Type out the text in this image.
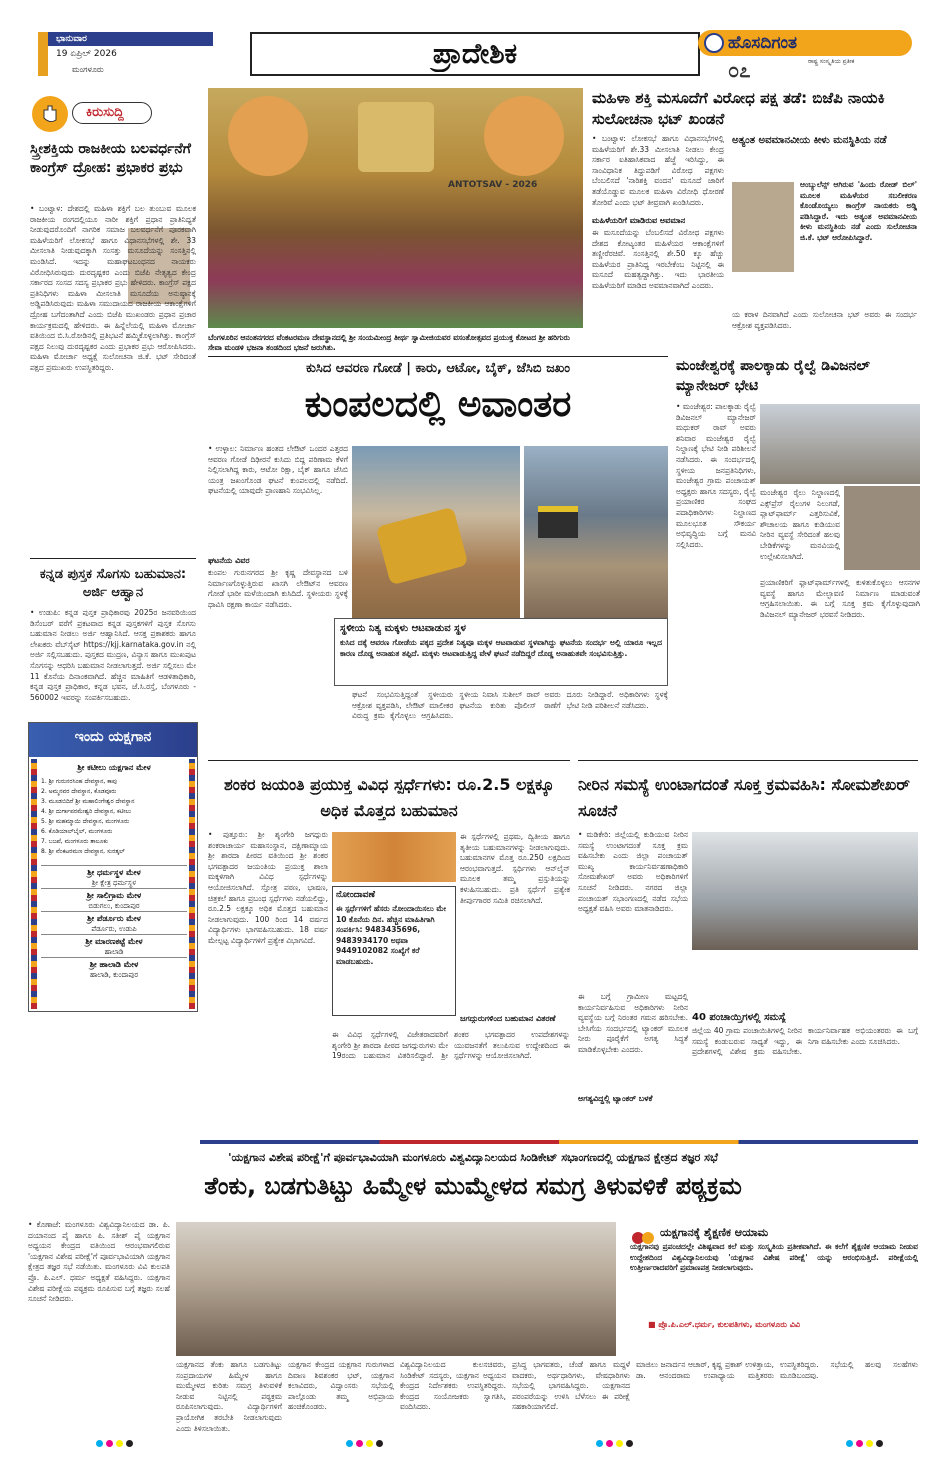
ಭಾನುವಾರ
19 ಏಪ್ರಿಲ್ 2026
ಮಂಗಳೂರು	ಪ್ರಾದೇಶಿಕ	ಹೊಸದಿಗಂತ
ರಾಷ್ಟ್ರ ಸಂಸ್ಕೃತಿಯ ಪ್ರತೀಕ
೦೭
ಕಿರುಸುದ್ದಿ
ಸ್ತ್ರೀಶಕ್ತಿಯ ರಾಜಕೀಯ ಬಲವರ್ಧನೆಗೆ ಕಾಂಗ್ರೆಸ್ ದ್ರೋಹ: ಪ್ರಭಾಕರ ಪ್ರಭು
• ಬಂಟ್ವಾಳ: ದೇಶದಲ್ಲಿ ಮಹಿಳಾ ಶಕ್ತಿಗೆ ಬಲ ತುಂಬುವ ಮೂಲಕ ರಾಜಕೀಯ ರಂಗದಲ್ಲಿಯೂ ನಾರೀ ಶಕ್ತಿಗೆ ಪ್ರಧಾನ ಪ್ರಾತಿನಿಧ್ಯತೆ ನೀಡುವುದರೊಂದಿಗೆ ನಾಗರಿಕ ಸಮಾಜ ಬಲವರ್ಧನೆಗೆ ಪೂರಕವಾಗಿ ಮಹಿಳೆಯರಿಗೆ ಲೋಕಸಭೆ ಹಾಗೂ ವಿಧಾನಸಭೆಗಳಲ್ಲಿ ಶೇ. 33 ಮೀಸಲಾತಿ ನೀಡುವುದಕ್ಕಾಗಿ ಸಂಸತ್ತು ಮಸೂದೆಯನ್ನು ಸಂಸತ್ತಿನಲ್ಲಿ ಮಂಡಿಸಿದೆ. ಇದನ್ನು ಮಹಾಘಟಬಂಧನದ ನಾಯಕರು ವಿರೋಧಿಸಿರುವುದು ದುರದೃಷ್ಟಕರ ಎಂದು ಬಿಜೆಪಿ ನೇತೃತ್ವದ ಕೇಂದ್ರ ಸರ್ಕಾರದ ಸಂಸದ ಸದಸ್ಯ ಪ್ರಭಾಕರ ಪ್ರಭು ಹೇಳಿದರು. ಕಾಂಗ್ರೆಸ್ ಪಕ್ಷದ ಪ್ರತಿನಿಧಿಗಳು ಮಹಿಳಾ ಮೀಸಲಾತಿ ಮಸೂದೆಯ ಅನುಷ್ಠಾನಕ್ಕೆ ಅಡ್ಡಿಪಡಿಸಿರುವುದು ಮಹಿಳಾ ಸಮುದಾಯದ ರಾಜಕೀಯ ಆಕಾಂಕ್ಷೆಗಳಿಗೆ ದ್ರೋಹ ಬಗೆದಂತಾಗಿದೆ ಎಂದು ಬಿಜೆಪಿ ಮುಖಂಡರು ಪ್ರಧಾನ ಪ್ರಚಾರ ಕಾರ್ಯಕ್ರಮದಲ್ಲಿ ಹೇಳಿದರು. ಈ ಹಿನ್ನೆಲೆಯಲ್ಲಿ ಮಹಿಳಾ ಮೋರ್ಚಾ ವತಿಯಿಂದ ಬಿ.ಸಿ.ರೋಡಿನಲ್ಲಿ ಪ್ರತಿಭಟನೆ ಹಮ್ಮಿಕೊಳ್ಳಲಾಗಿತ್ತು. ಕಾಂಗ್ರೆಸ್ ಪಕ್ಷದ ನಿಲುವು ದುರದೃಷ್ಟಕರ ಎಂದು ಪ್ರಭಾಕರ ಪ್ರಭು ಆರೋಪಿಸಿದರು. ಮಹಿಳಾ ಮೋರ್ಚಾ ಅಧ್ಯಕ್ಷೆ ಸುಲೋಚನಾ ಜಿ.ಕೆ. ಭಟ್ ಸೇರಿದಂತೆ ಪಕ್ಷದ ಪ್ರಮುಖರು ಉಪಸ್ಥಿತರಿದ್ದರು.
ಕನ್ನಡ ಪುಸ್ತಕ ಸೊಗಸು ಬಹುಮಾನ: ಅರ್ಜಿ ಆಹ್ವಾನ
• ಉಡುಪಿ: ಕನ್ನಡ ಪುಸ್ತಕ ಪ್ರಾಧಿಕಾರವು 2025ರ ಜನವರಿಯಿಂದ ಡಿಸೆಂಬರ್ ವರೆಗೆ ಪ್ರಕಟವಾದ ಕನ್ನಡ ಪುಸ್ತಕಗಳಿಗೆ ಪುಸ್ತಕ ಸೊಗಸು ಬಹುಮಾನ ನೀಡಲು ಅರ್ಜಿ ಆಹ್ವಾನಿಸಿದೆ. ಆಸಕ್ತ ಪ್ರಕಾಶಕರು ಹಾಗೂ ಲೇಖಕರು ವೆಬ್‌ಸೈಟ್ https://kjj.karnataka.gov.in ನಲ್ಲಿ ಅರ್ಜಿ ಸಲ್ಲಿಸಬಹುದು. ಪುಸ್ತಕದ ಮುದ್ರಣ, ವಿನ್ಯಾಸ ಹಾಗೂ ಮುಖಪುಟ ಸೊಗಸನ್ನು ಆಧರಿಸಿ ಬಹುಮಾನ ನೀಡಲಾಗುತ್ತದೆ. ಅರ್ಜಿ ಸಲ್ಲಿಸಲು ಮೇ 11 ಕೊನೆಯ ದಿನಾಂಕವಾಗಿದೆ. ಹೆಚ್ಚಿನ ಮಾಹಿತಿಗೆ ಆಡಳಿತಾಧಿಕಾರಿ, ಕನ್ನಡ ಪುಸ್ತಕ ಪ್ರಾಧಿಕಾರ, ಕನ್ನಡ ಭವನ, ಜೆ.ಸಿ.ರಸ್ತೆ, ಬೆಂಗಳೂರು - 560002 ಇವರನ್ನು ಸಂಪರ್ಕಿಸಬಹುದು.
ಇಂದು ಯಕ್ಷಗಾನ
ಶ್ರೀ ಕಟೀಲು ಯಕ್ಷಗಾನ ಮೇಳ
1. ಶ್ರೀ ಗುರುನರಸಿಂಹ ದೇವಸ್ಥಾನ, ಕಾಪು
2. ಅಮ್ಮನವರ ದೇವಸ್ಥಾನ, ಕೊಡವೂರು
3. ಮೂಡಬಿದಿರೆ ಶ್ರೀ ಮಹಾಲಿಂಗೇಶ್ವರ ದೇವಸ್ಥಾನ
4. ಶ್ರೀ ದುರ್ಗಾಪರಮೇಶ್ವರಿ ದೇವಸ್ಥಾನ, ಕಟೀಲು
5. ಶ್ರೀ ಮಹಮ್ಮಾಯಿ ದೇವಸ್ಥಾನ, ಮಂಗಳೂರು
6. ಕೊಡಿಯಾಲ್‌ಬೈಲ್, ಮಂಗಳೂರು
7. ಬಜಪೆ, ಮಂಗಳೂರು ತಾಲೂಕು
8. ಶ್ರೀ ವೆಂಕಟರಮಣ ದೇವಸ್ಥಾನ, ಸುರತ್ಕಲ್
ಶ್ರೀ ಧರ್ಮಸ್ಥಳ ಮೇಳ
ಶ್ರೀ ಕ್ಷೇತ್ರ ಧರ್ಮಸ್ಥಳ
ಶ್ರೀ ಸಾಲಿಗ್ರಾಮ ಮೇಳ
ಬಿಡುಗಲು, ಕುಂದಾಪುರ
ಶ್ರೀ ಪೆರ್ಡೂರು ಮೇಳ
ಪೆರ್ಡೂರು, ಉಡುಪಿ
ಶ್ರೀ ಮಾರಣಕಟ್ಟೆ ಮೇಳ
ಹಾಲಾಡಿ
ಶ್ರೀ ಹಾಲಾಡಿ ಮೇಳ
ಹಾಲಾಡಿ, ಕುಂದಾಪುರ
ANTOTSAV - 2026
ಬೆಂಗಳೂರಿನ ಆನಂತನಗರದ ವೆಂಕಟರಮಣ ದೇವಸ್ಥಾನದಲ್ಲಿ ಶ್ರೀ ಸಂಯಮೀಂದ್ರ ತೀರ್ಥ ಸ್ವಾಮೀಜಿಯವರ ವಸಂತೋತ್ಸವದ ಪ್ರಯುಕ್ತ ಕೋಟದ ಶ್ರೀ ಹರಿಗುರು ಸೇವಾ ಮಂಡಳಿ ಭಜನಾ ತಂಡದಿಂದ ಭಜನೆ ಜರುಗಿತು.
ಮಹಿಳಾ ಶಕ್ತಿ ಮಸೂದೆಗೆ ವಿರೋಧ ಪಕ್ಷ ತಡೆ: ಬಿಜೆಪಿ ನಾಯಕಿ ಸುಲೋಚನಾ ಭಟ್ ಖಂಡನೆ
• ಬಂಟ್ವಾಳ: ಲೋಕಸಭೆ ಹಾಗೂ ವಿಧಾನಸಭೆಗಳಲ್ಲಿ ಮಹಿಳೆಯರಿಗೆ ಶೇ.33 ಮೀಸಲಾತಿ ನೀಡಲು ಕೇಂದ್ರ ಸರ್ಕಾರ ಐತಿಹಾಸಿಕವಾದ ಹೆಜ್ಜೆ ಇರಿಸಿದ್ದು, ಈ ಸಾಂವಿಧಾನಿಕ ತಿದ್ದುಪಡಿಗೆ ವಿರೋಧ ಪಕ್ಷಗಳು ಬೆಂಬಲಿಸದೆ 'ನಾರಿಶಕ್ತಿ ವಂದನ' ಮಸೂದೆ ಜಾರಿಗೆ ತಡೆಯೊಡ್ಡುವ ಮೂಲಕ ಮಹಿಳಾ ವಿರೋಧಿ ಧೋರಣೆ ತೋರಿವೆ ಎಂದು ಭಟ್ ತೀವ್ರವಾಗಿ ಖಂಡಿಸಿದರು.
ಮಹಿಳೆಯರಿಗೆ ಮಾಡಿರುವ ಅವಮಾನ
ಈ ಮಸೂದೆಯನ್ನು ಬೆಂಬಲಿಸದೆ ವಿರೋಧ ಪಕ್ಷಗಳು ದೇಶದ ಕೋಟ್ಯಂತರ ಮಹಿಳೆಯರ ಆಕಾಂಕ್ಷೆಗಳಿಗೆ ತಣ್ಣೀರೆರಚಿವೆ. ಸಂಸತ್ತಿನಲ್ಲಿ ಶೇ.50 ಕ್ಕೂ ಹೆಚ್ಚು ಮಹಿಳೆಯರ ಪ್ರಾತಿನಿಧ್ಯ ಇರಬೇಕೆಂಬ ನಿಟ್ಟಿನಲ್ಲಿ ಈ ಮಸೂದೆ ಮಹತ್ವದ್ದಾಗಿತ್ತು. ಇದು ಭಾರತೀಯ ಮಹಿಳೆಯರಿಗೆ ಮಾಡಿದ ಅವಮಾನವಾಗಿದೆ ಎಂದರು.
ಅತ್ಯಂತ ಅವಮಾನವೀಯ ಕೀಳು ಮನಸ್ಥಿತಿಯ ನಡೆ
ಆಂಬ್ಯುಲೆನ್ಸ್ ಆಗಿರುವ 'ಹಿಂದು ರೋಡ್ ಬಿಲ್' ಮೂಲಕ ಮಹಿಳೆಯರ ಸಬಲೀಕರಣ ಕೊಂಡೊಯ್ಯಲು ಕಾಂಗ್ರೆಸ್ ನಾಯಕರು ಅಡ್ಡಿ ಪಡಿಸಿದ್ದಾರೆ. ಇದು ಅತ್ಯಂತ ಅವಮಾನವೀಯ ಕೀಳು ಮನಸ್ಥಿತಿಯ ನಡೆ ಎಂದು ಸುಲೋಚನಾ ಜಿ.ಕೆ. ಭಟ್ ಆರೋಪಿಸಿದ್ದಾರೆ.
ಯ ಕರಾಳ ದಿನವಾಗಿದೆ ಎಂದು ಸುಲೋಚನಾ ಭಟ್ ಅವರು ಈ ಸಂದರ್ಭ ಆಕ್ರೋಶ ವ್ಯಕ್ತಪಡಿಸಿದರು.
ಕುಸಿದ ಆವರಣ ಗೋಡೆ | ಕಾರು, ಆಟೋ, ಬೈಕ್, ಜೆಸಿಬಿ ಜಖಂ
ಕುಂಪಲದಲ್ಲಿ ಅವಾಂತರ
• ಉಳ್ಳಾಲ: ನಿರ್ಮಾಣ ಹಂತದ ಲೇಔಟ್ ಒಂದರ ಎತ್ತರದ ಆವರಣ ಗೋಡೆ ದಿಢೀರನೆ ಕುಸಿದು ಬಿದ್ದ ಪರಿಣಾಮ ಕೆಳಗೆ ನಿಲ್ಲಿಸಲಾಗಿದ್ದ ಕಾರು, ಆಟೋ ರಿಕ್ಷಾ, ಬೈಕ್ ಹಾಗೂ ಜೆಸಿಬಿ ಯಂತ್ರ ಜಖಂಗೊಂಡ ಘಟನೆ ಕುಂಪಲದಲ್ಲಿ ನಡೆದಿದೆ. ಘಟನೆಯಲ್ಲಿ ಯಾವುದೇ ಪ್ರಾಣಹಾನಿ ಸಂಭವಿಸಿಲ್ಲ.
ಘಟನೆಯ ವಿವರ
ಕುಂಪಲ ಗುರುನಗರದ ಶ್ರೀ ಕೃಷ್ಣ ದೇವಸ್ಥಾನದ ಬಳಿ ನಿರ್ಮಾಣಗೊಳ್ಳುತ್ತಿರುವ ಖಾಸಗಿ ಲೇಔಟ್‌ನ ಆವರಣ ಗೋಡೆ ಭಾರೀ ಮಳೆಯಿಂದಾಗಿ ಕುಸಿದಿದೆ. ಸ್ಥಳೀಯರು ಸ್ಥಳಕ್ಕೆ ಧಾವಿಸಿ ರಕ್ಷಣಾ ಕಾರ್ಯ ನಡೆಸಿದರು.
ಸ್ಥಳೀಯ ನಿತ್ಯ ಮಕ್ಕಳು ಆಟವಾಡುವ ಸ್ಥಳ
ಕುಸಿದ ದಕ್ಕೆ ಆವರಣ ಗೋಡೆಯ ಪಕ್ಕದ ಪ್ರದೇಶ ನಿತ್ಯವೂ ಮಕ್ಕಳ ಆಟವಾಡುವ ಸ್ಥಳವಾಗಿದ್ದು ಘಟನೆಯ ಸಂದರ್ಭ ಅಲ್ಲಿ ಯಾರೂ ಇಲ್ಲದ ಕಾರಣ ದೊಡ್ಡ ಅನಾಹುತ ತಪ್ಪಿದೆ. ಮಕ್ಕಳು ಆಟವಾಡುತ್ತಿದ್ದ ವೇಳೆ ಘಟನೆ ನಡೆದಿದ್ದರೆ ದೊಡ್ಡ ಅನಾಹುತವೇ ಸಂಭವಿಸುತ್ತಿತ್ತು.
ಘಟನೆ ಸಂಭವಿಸುತ್ತಿದ್ದಂತೆ ಸ್ಥಳೀಯರು ಆಕ್ರೋಶ ವ್ಯಕ್ತಪಡಿಸಿ, ಲೇಔಟ್ ಮಾಲೀಕರ ವಿರುದ್ಧ ಕ್ರಮ ಕೈಗೊಳ್ಳಲು ಆಗ್ರಹಿಸಿದರು. ಸ್ಥಳೀಯ ನಿವಾಸಿ ಸುಶೀಲ್ ರಾವ್ ಅವರು ಘಟನೆಯ ಕುರಿತು ಪೊಲೀಸ್ ಠಾಣೆಗೆ ದೂರು ನೀಡಿದ್ದಾರೆ. ಅಧಿಕಾರಿಗಳು ಸ್ಥಳಕ್ಕೆ ಭೇಟಿ ನೀಡಿ ಪರಿಶೀಲನೆ ನಡೆಸಿದರು.
ಮಂಜೇಶ್ವರಕ್ಕೆ ಪಾಲಕ್ಕಾಡು ರೈಲ್ವೆ ಡಿವಿಜನಲ್ ಮ್ಯಾನೇಜರ್ ಭೇಟಿ
• ಮಂಜೇಶ್ವರ: ಪಾಲಕ್ಕಾಡು ರೈಲ್ವೆ ಡಿವಿಜನಲ್ ಮ್ಯಾನೇಜರ್ ಮಧುಕರ್ ರಾವ್ ಅವರು ಶನಿವಾರ ಮಂಜೇಶ್ವರ ರೈಲ್ವೆ ನಿಲ್ದಾಣಕ್ಕೆ ಭೇಟಿ ನೀಡಿ ಪರಿಶೀಲನೆ ನಡೆಸಿದರು. ಈ ಸಂದರ್ಭದಲ್ಲಿ ಸ್ಥಳೀಯ ಜನಪ್ರತಿನಿಧಿಗಳು, ಮಂಜೇಶ್ವರ ಗ್ರಾಮ ಪಂಚಾಯತ್ ಅಧ್ಯಕ್ಷರು ಹಾಗೂ ಸದಸ್ಯರು, ರೈಲ್ವೆ ಪ್ರಯಾಣಿಕರ ಸಂಘದ ಪದಾಧಿಕಾರಿಗಳು ನಿಲ್ದಾಣದ ಮೂಲಭೂತ ಸೌಕರ್ಯ ಅಭಿವೃದ್ಧಿಯ ಬಗ್ಗೆ ಮನವಿ ಸಲ್ಲಿಸಿದರು.
ಮಂಜೇಶ್ವರ ರೈಲು ನಿಲ್ದಾಣದಲ್ಲಿ ಎಕ್ಸ್‌ಪ್ರೆಸ್ ರೈಲುಗಳ ನಿಲುಗಡೆ, ಪ್ಲಾಟ್‌ಫಾರ್ಮ್ ಎತ್ತರಿಸುವಿಕೆ, ಶೌಚಾಲಯ ಹಾಗೂ ಕುಡಿಯುವ ನೀರಿನ ವ್ಯವಸ್ಥೆ ಸೇರಿದಂತೆ ಹಲವು ಬೇಡಿಕೆಗಳನ್ನು ಮನವಿಯಲ್ಲಿ ಉಲ್ಲೇಖಿಸಲಾಗಿದೆ.
ಪ್ರಯಾಣಿಕರಿಗೆ ಫ್ಲಾಟ್‌ಫಾರ್ಮ್‌ಗಳಲ್ಲಿ ಕುಳಿತುಕೊಳ್ಳಲು ಆಸನಗಳ ವ್ಯವಸ್ಥೆ ಹಾಗೂ ಮೇಲ್ಛಾವಣಿ ನಿರ್ಮಾಣ ಮಾಡುವಂತೆ ಆಗ್ರಹಿಸಲಾಯಿತು. ಈ ಬಗ್ಗೆ ಸೂಕ್ತ ಕ್ರಮ ಕೈಗೊಳ್ಳುವುದಾಗಿ ಡಿವಿಜನಲ್ ಮ್ಯಾನೇಜರ್ ಭರವಸೆ ನೀಡಿದರು.
ಶಂಕರ ಜಯಂತಿ ಪ್ರಯುಕ್ತ ವಿವಿಧ ಸ್ಪರ್ಧೆಗಳು: ರೂ.2.5 ಲಕ್ಷಕ್ಕೂ ಅಧಿಕ ಮೊತ್ತದ ಬಹುಮಾನ
• ಪುತ್ತೂರು: ಶ್ರೀ ಶೃಂಗೇರಿ ಜಗದ್ಗುರು ಶಂಕರಾಚಾರ್ಯ ಮಹಾಸಂಸ್ಥಾನ, ದಕ್ಷಿಣಾಮ್ನಾಯ ಶ್ರೀ ಶಾರದಾ ಪೀಠದ ವತಿಯಿಂದ ಶ್ರೀ ಶಂಕರ ಭಗವತ್ಪಾದರ ಜಯಂತಿಯ ಪ್ರಯುಕ್ತ ಶಾಲಾ ಮಕ್ಕಳಿಗಾಗಿ ವಿವಿಧ ಸ್ಪರ್ಧೆಗಳನ್ನು ಆಯೋಜಿಸಲಾಗಿದೆ. ಸ್ತೋತ್ರ ಪಠಣ, ಭಾಷಣ, ಚಿತ್ರಕಲೆ ಹಾಗೂ ಪ್ರಬಂಧ ಸ್ಪರ್ಧೆಗಳು ನಡೆಯಲಿದ್ದು, ರೂ.2.5 ಲಕ್ಷಕ್ಕೂ ಅಧಿಕ ಮೊತ್ತದ ಬಹುಮಾನ ನೀಡಲಾಗುವುದು. 100 ರಿಂದ 14 ವರ್ಷದ ವಿದ್ಯಾರ್ಥಿಗಳು ಭಾಗವಹಿಸಬಹುದು. 18 ವರ್ಷ ಮೇಲ್ಪಟ್ಟ ವಿದ್ಯಾರ್ಥಿಗಳಿಗೆ ಪ್ರತ್ಯೇಕ ವಿಭಾಗವಿದೆ.
ನೋಂದಾವಣೆ
ಈ ಸ್ಪರ್ಧೆಗಳಿಗೆ ಹೆಸರು ನೋಂದಾಯಿಸಲು ಮೇ 10 ಕೊನೆಯ ದಿನ. ಹೆಚ್ಚಿನ ಮಾಹಿತಿಗಾಗಿ ಸಂಪರ್ಕಿಸಿ: 9483435696, 9483934170 ಅಥವಾ 9449102082 ಸಂಖ್ಯೆಗೆ ಕರೆ ಮಾಡಬಹುದು.
ಈ ಸ್ಪರ್ಧೆಗಳಲ್ಲಿ ಪ್ರಥಮ, ದ್ವಿತೀಯ ಹಾಗೂ ತೃತೀಯ ಬಹುಮಾನಗಳನ್ನು ನೀಡಲಾಗುವುದು. ಬಹುಮಾನಗಳ ಮೊತ್ತ ರೂ.250 ಲಕ್ಷದಿಂದ ಆರಂಭವಾಗುತ್ತದೆ. ಸ್ಪರ್ಧಿಗಳು ಆನ್‌ಲೈನ್ ಮೂಲಕ ತಮ್ಮ ಪ್ರಸ್ತುತಿಯನ್ನು ಕಳುಹಿಸಬಹುದು. ಪ್ರತಿ ಸ್ಪರ್ಧೆಗೆ ಪ್ರತ್ಯೇಕ ತೀರ್ಪುಗಾರರ ಸಮಿತಿ ರಚಿಸಲಾಗಿದೆ.
ಜಗದ್ಗುರುಗಳಿಂದ ಬಹುಮಾನ ವಿತರಣೆ
ಈ ವಿವಿಧ ಸ್ಪರ್ಧೆಗಳಲ್ಲಿ ವಿಜೇತರಾದವರಿಗೆ ಶೃಂಗೇರಿ ಶ್ರೀ ಶಾರದಾ ಪೀಠದ ಜಗದ್ಗುರುಗಳು ಮೇ 19ರಂದು ಬಹುಮಾನ ವಿತರಿಸಲಿದ್ದಾರೆ. ಶ್ರೀ ಶಂಕರ ಭಗವತ್ಪಾದರ ಉಪದೇಶಗಳನ್ನು ಯುವಜನತೆಗೆ ತಲುಪಿಸುವ ಉದ್ದೇಶದಿಂದ ಈ ಸ್ಪರ್ಧೆಗಳನ್ನು ಆಯೋಜಿಸಲಾಗಿದೆ.
ನೀರಿನ ಸಮಸ್ಯೆ ಉಂಟಾಗದಂತೆ ಸೂಕ್ತ ಕ್ರಮವಹಿಸಿ: ಸೋಮಶೇಖರ್ ಸೂಚನೆ
• ಮಡಿಕೇರಿ: ಜಿಲ್ಲೆಯಲ್ಲಿ ಕುಡಿಯುವ ನೀರಿನ ಸಮಸ್ಯೆ ಉಂಟಾಗದಂತೆ ಸೂಕ್ತ ಕ್ರಮ ವಹಿಸಬೇಕು ಎಂದು ಜಿಲ್ಲಾ ಪಂಚಾಯತ್ ಮುಖ್ಯ ಕಾರ್ಯನಿರ್ವಹಣಾಧಿಕಾರಿ ಸೋಮಶೇಖರ್ ಅವರು ಅಧಿಕಾರಿಗಳಿಗೆ ಸೂಚನೆ ನೀಡಿದರು. ನಗರದ ಜಿಲ್ಲಾ ಪಂಚಾಯತ್ ಸಭಾಂಗಣದಲ್ಲಿ ನಡೆದ ಸಭೆಯ ಅಧ್ಯಕ್ಷತೆ ವಹಿಸಿ ಅವರು ಮಾತನಾಡಿದರು.
ಈ ಬಗ್ಗೆ ಗ್ರಾಮೀಣ ಮಟ್ಟದಲ್ಲಿ ಕಾರ್ಯನಿರ್ವಹಿಸುವ ಅಧಿಕಾರಿಗಳು ನೀರಿನ ವ್ಯವಸ್ಥೆಯ ಬಗ್ಗೆ ನಿರಂತರ ಗಮನ ಹರಿಸಬೇಕು. ಬೇಸಿಗೆಯ ಸಂದರ್ಭದಲ್ಲಿ ಟ್ಯಾಂಕರ್ ಮೂಲಕ ನೀರು ಪೂರೈಕೆಗೆ ಅಗತ್ಯ ಸಿದ್ಧತೆ ಮಾಡಿಕೊಳ್ಳಬೇಕು ಎಂದರು.
ಅಗತ್ಯವಿದ್ದಲ್ಲಿ ಟ್ಯಾಂಕರ್ ಬಳಕೆ
40 ಪಂಚಾಯ್ತಿಗಳಲ್ಲಿ ಸಮಸ್ಯೆ
ಜಿಲ್ಲೆಯ 40 ಗ್ರಾಮ ಪಂಚಾಯಿತಿಗಳಲ್ಲಿ ನೀರಿನ ಸಮಸ್ಯೆ ಕಂಡುಬರುವ ಸಾಧ್ಯತೆ ಇದ್ದು, ಈ ಪ್ರದೇಶಗಳಲ್ಲಿ ವಿಶೇಷ ಕ್ರಮ ವಹಿಸಬೇಕು. ಕಾರ್ಯನಿರ್ವಾಹಕ ಅಭಿಯಂತರರು ಈ ಬಗ್ಗೆ ನಿಗಾ ವಹಿಸಬೇಕು ಎಂದು ಸೂಚಿಸಿದರು.
'ಯಕ್ಷಗಾನ ವಿಶೇಷ ಪರೀಕ್ಷೆ'ಗೆ ಪೂರ್ವಭಾವಿಯಾಗಿ ಮಂಗಳೂರು ವಿಶ್ವವಿದ್ಯಾನಿಲಯದ ಸಿಂಡಿಕೇಟ್ ಸಭಾಂಗಣದಲ್ಲಿ ಯಕ್ಷಗಾನ ಕ್ಷೇತ್ರದ ತಜ್ಞರ ಸಭೆ
ತೆಂಕು, ಬಡಗುತಿಟ್ಟು ಹಿಮ್ಮೇಳ ಮುಮ್ಮೇಳದ ಸಮಗ್ರ ತಿಳುವಳಿಕೆ ಪಠ್ಯಕ್ರಮ
• ಕೊಣಾಜೆ: ಮಂಗಳೂರು ವಿಶ್ವವಿದ್ಯಾನಿಲಯದ ಡಾ. ಪಿ. ದಯಾನಂದ ಪೈ ಹಾಗೂ ಪಿ. ಸತೀಶ್ ಪೈ ಯಕ್ಷಗಾನ ಅಧ್ಯಯನ ಕೇಂದ್ರದ ವತಿಯಿಂದ ಆರಂಭವಾಗಲಿರುವ 'ಯಕ್ಷಗಾನ ವಿಶೇಷ ಪರೀಕ್ಷೆ'ಗೆ ಪೂರ್ವಭಾವಿಯಾಗಿ ಯಕ್ಷಗಾನ ಕ್ಷೇತ್ರದ ತಜ್ಞರ ಸಭೆ ನಡೆಯಿತು. ಮಂಗಳೂರು ವಿವಿ ಕುಲಪತಿ ಪ್ರೊ. ಪಿ.ಎಲ್. ಧರ್ಮ ಅಧ್ಯಕ್ಷತೆ ವಹಿಸಿದ್ದರು. ಯಕ್ಷಗಾನ ವಿಶೇಷ ಪರೀಕ್ಷೆಯ ಪಠ್ಯಕ್ರಮ ರೂಪಿಸುವ ಬಗ್ಗೆ ತಜ್ಞರು ಸಲಹೆ ಸೂಚನೆ ನೀಡಿದರು.
ಯಕ್ಷಗಾನದ ತೆಂಕು ಹಾಗೂ ಬಡಗುತಿಟ್ಟು ಸಂಪ್ರದಾಯಗಳ ಹಿಮ್ಮೇಳ ಹಾಗೂ ಮುಮ್ಮೇಳದ ಕುರಿತು ಸಮಗ್ರ ತಿಳುವಳಿಕೆ ನೀಡುವ ನಿಟ್ಟಿನಲ್ಲಿ ಪಠ್ಯಕ್ರಮ ರೂಪಿಸಲಾಗುವುದು. ವಿದ್ಯಾರ್ಥಿಗಳಿಗೆ ಪ್ರಾಯೋಗಿಕ ತರಬೇತಿ ನೀಡಲಾಗುವುದು ಎಂದು ತಿಳಿಸಲಾಯಿತು.
ಯಕ್ಷಗಾನ ಕೇಂದ್ರದ ಯಕ್ಷಗಾನ ಗುರುಗಳಾದ ದಿವಾಣ ಶಿವಶಂಕರ ಭಟ್, ಯಕ್ಷಗಾನ ಕಲಾವಿದರು, ವಿದ್ವಾಂಸರು ಸಭೆಯಲ್ಲಿ ಪಾಲ್ಗೊಂಡು ತಮ್ಮ ಅಭಿಪ್ರಾಯ ಹಂಚಿಕೊಂಡರು.
ವಿಶ್ವವಿದ್ಯಾನಿಲಯದ ಕುಲಸಚಿವರು, ಸಿಂಡಿಕೇಟ್ ಸದಸ್ಯರು, ಯಕ್ಷಗಾನ ಅಧ್ಯಯನ ಕೇಂದ್ರದ ನಿರ್ದೇಶಕರು ಉಪಸ್ಥಿತರಿದ್ದರು. ಕೇಂದ್ರದ ಸಂಯೋಜಕರು ಸ್ವಾಗತಿಸಿ, ವಂದಿಸಿದರು.
ಪ್ರಸಿದ್ಧ ಭಾಗವತರು, ಚೆಂಡೆ ಹಾಗೂ ಮದ್ದಳೆ ವಾದಕರು, ಅರ್ಥಧಾರಿಗಳು, ವೇಷಧಾರಿಗಳು ಸಭೆಯಲ್ಲಿ ಭಾಗವಹಿಸಿದ್ದರು. ಯಕ್ಷಗಾನದ ಪರಂಪರೆಯನ್ನು ಉಳಿಸಿ ಬೆಳೆಸಲು ಈ ಪರೀಕ್ಷೆ ಸಹಕಾರಿಯಾಗಲಿದೆ.
ಯಕ್ಷಗಾನಕ್ಕೆ ಶೈಕ್ಷಣಿಕ ಆಯಾಮ
ಯಕ್ಷಗಾನವು ಪ್ರಪಂಚದಲ್ಲೇ ವಿಶಿಷ್ಟವಾದ ಕಲೆ ಮತ್ತು ಸಂಸ್ಕೃತಿಯ ಪ್ರತೀಕವಾಗಿದೆ. ಈ ಕಲೆಗೆ ಶೈಕ್ಷಣಿಕ ಆಯಾಮ ನೀಡುವ ಉದ್ದೇಶದಿಂದ ವಿಶ್ವವಿದ್ಯಾನಿಲಯವು 'ಯಕ್ಷಗಾನ ವಿಶೇಷ ಪರೀಕ್ಷೆ' ಯನ್ನು ಆರಂಭಿಸುತ್ತಿದೆ. ಪರೀಕ್ಷೆಯಲ್ಲಿ ಉತ್ತೀರ್ಣರಾದವರಿಗೆ ಪ್ರಮಾಣಪತ್ರ ನೀಡಲಾಗುವುದು.
■ ಪ್ರೊ.ಪಿ.ಎಲ್.ಧರ್ಮ, ಕುಲಪತಿಗಳು, ಮಂಗಳೂರು ವಿವಿ
ಮಾಜಿಲು ಜನಾರ್ದನ ಆಚಾರ್, ಕೃಷ್ಣ ಪ್ರಕಾಶ್ ಉಳಿತ್ತಾಯ, ಡಾ. ಆನಂದರಾಮ ಉಪಾಧ್ಯಾಯ ಮತ್ತಿತರರು ಉಪಸ್ಥಿತರಿದ್ದರು. ಸಭೆಯಲ್ಲಿ ಹಲವು ಸಲಹೆಗಳು ಮೂಡಿಬಂದವು.
